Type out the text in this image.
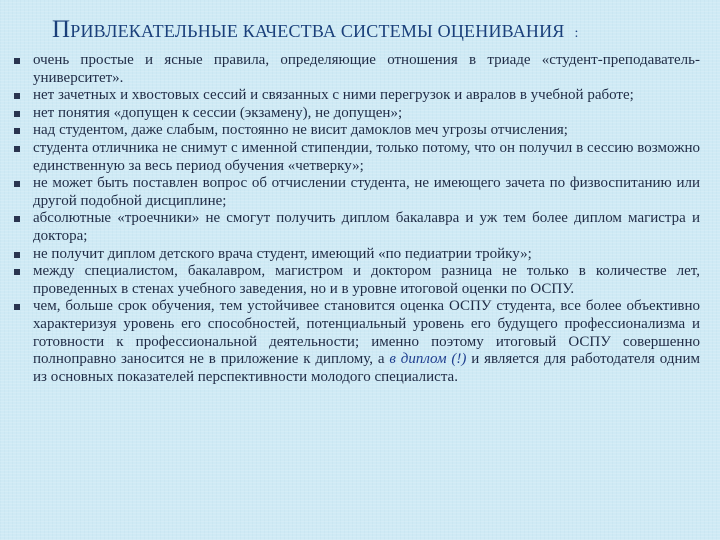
ПРИВЛЕКАТЕЛЬНЫЕ КАЧЕСТВА СИСТЕМЫ ОЦЕНИВАНИЯ :
очень простые и ясные правила, определяющие отношения в триаде «студент-преподаватель-университет».
нет зачетных и хвостовых сессий и связанных с ними перегрузок и авралов в учебной работе;
нет понятия «допущен к сессии (экзамену), не допущен»;
над студентом, даже слабым, постоянно не висит дамоклов меч угрозы отчисления;
студента отличника не снимут с именной стипендии, только потому, что он получил в сессию возможно единственную за весь период обучения «четверку»;
не может быть поставлен вопрос об отчислении студента, не имеющего зачета по физвоспитанию или другой подобной дисциплине;
абсолютные «троечники» не смогут получить диплом бакалавра и уж тем более диплом магистра и доктора;
не получит диплом детского врача студент, имеющий «по педиатрии тройку»;
между специалистом, бакалавром, магистром и доктором разница не только в количестве лет, проведенных в стенах учебного заведения, но и в уровне итоговой оценки по ОСПУ.
чем, больше срок обучения, тем устойчивее становится оценка ОСПУ студента, все более объективно характеризуя уровень его способностей, потенциальный уровень его будущего профессионализма и готовности к профессиональной деятельности; именно поэтому итоговый ОСПУ совершенно полноправно заносится не в приложение к диплому, а в диплом (!) и является для работодателя одним из основных показателей перспективности молодого специалиста.
